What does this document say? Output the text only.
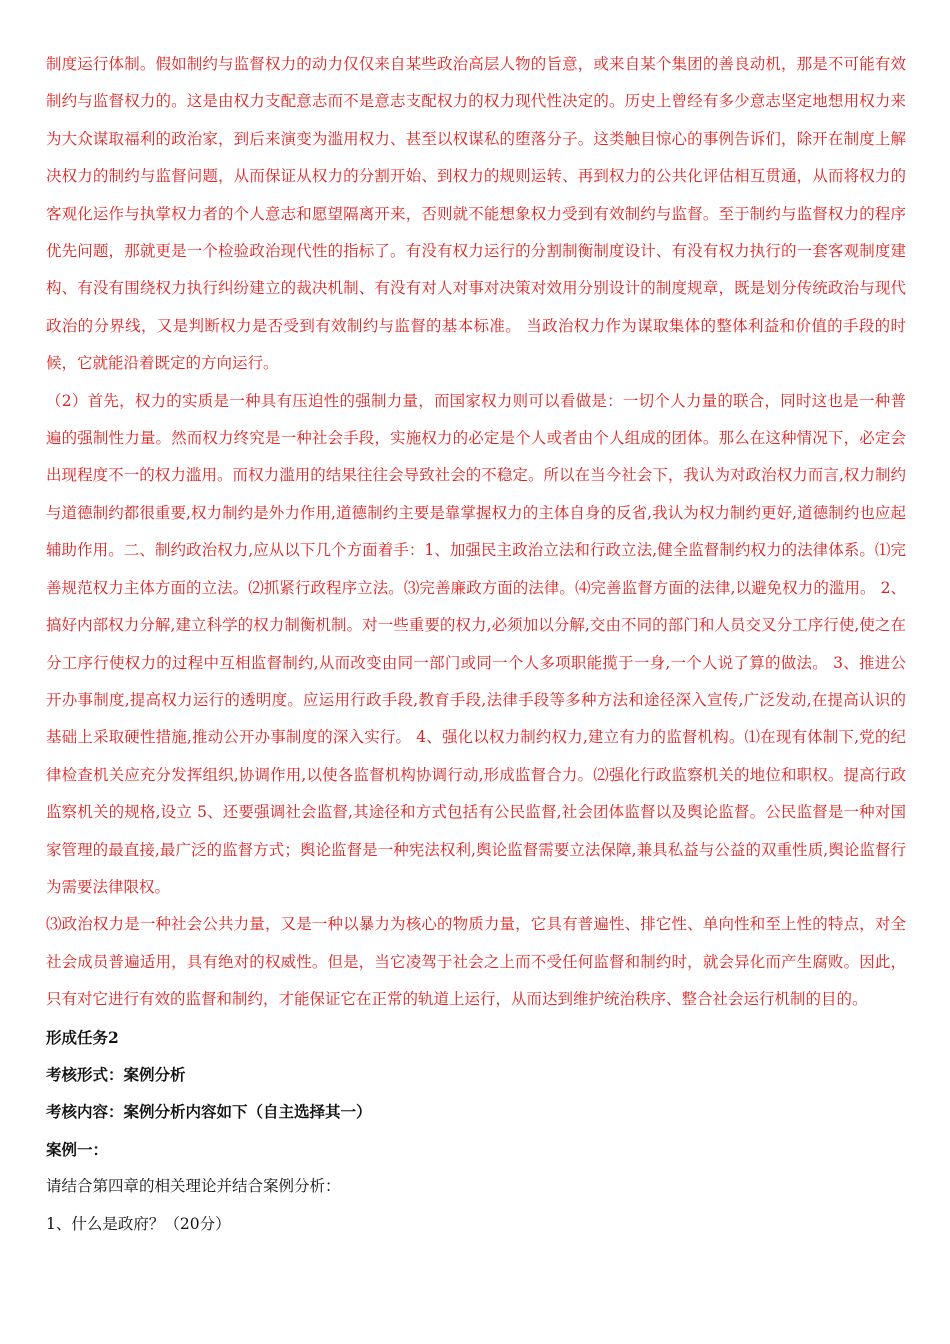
制度运行体制。假如制约与监督权力的动力仅仅来自某些政治高层人物的旨意，或来自某个集团的善良动机，那是不可能有效制约与监督权力的。这是由权力支配意志而不是意志支配权力的权力现代性决定的。历史上曾经有多少意志坚定地想用权力来为大众谋取福利的政治家，到后来演变为滥用权力、甚至以权谋私的堕落分子。这类触目惊心的事例告诉们，除开在制度上解决权力的制约与监督问题，从而保证从权力的分割开始、到权力的规则运转、再到权力的公共化评估相互贯通，从而将权力的客观化运作与执掌权力者的个人意志和愿望隔离开来，否则就不能想象权力受到有效制约与监督。至于制约与监督权力的程序优先问题，那就更是一个检验政治现代性的指标了。有没有权力运行的分割制衡制度设计、有没有权力执行的一套客观制度建构、有没有围绕权力执行纠纷建立的裁决机制、有没有对人对事对决策对效用分别设计的制度规章，既是划分传统政治与现代政治的分界线，又是判断权力是否受到有效制约与监督的基本标准。 当政治权力作为谋取集体的整体利益和价值的手段的时候，它就能沿着既定的方向运行。

（2）首先，权力的实质是一种具有压迫性的强制力量，而国家权力则可以看做是：一切个人力量的联合，同时这也是一种普遍的强制性力量。然而权力终究是一种社会手段，实施权力的必定是个人或者由个人组成的团体。那么在这种情况下，必定会出现程度不一的权力滥用。而权力滥用的结果往往会导致社会的不稳定。所以在当今社会下，我认为对政治权力而言,权力制约与道德制约都很重要,权力制约是外力作用,道德制约主要是靠掌握权力的主体自身的反省,我认为权力制约更好,道德制约也应起辅助作用。二、制约政治权力,应从以下几个方面着手：1、加强民主政治立法和行政立法,健全监督制约权力的法律体系。⑴完善规范权力主体方面的立法。⑵抓紧行政程序立法。⑶完善廉政方面的法律。⑷完善监督方面的法律,以避免权力的滥用。 2、搞好内部权力分解,建立科学的权力制衡机制。对一些重要的权力,必须加以分解,交由不同的部门和人员交叉分工序行使,使之在分工序行使权力的过程中互相监督制约,从而改变由同一部门或同一个人多项职能揽于一身,一个人说了算的做法。 3、推进公开办事制度,提高权力运行的透明度。应运用行政手段,教育手段,法律手段等多种方法和途径深入宣传,广泛发动,在提高认识的基础上采取硬性措施,推动公开办事制度的深入实行。 4、强化以权力制约权力,建立有力的监督机构。⑴在现有体制下,党的纪律检查机关应充分发挥组织,协调作用,以使各监督机构协调行动,形成监督合力。⑵强化行政监察机关的地位和职权。提高行政监察机关的规格,设立 5、还要强调社会监督,其途径和方式包括有公民监督,社会团体监督以及舆论监督。公民监督是一种对国家管理的最直接,最广泛的监督方式；舆论监督是一种宪法权利,舆论监督需要立法保障,兼具私益与公益的双重性质,舆论监督行为需要法律限权。

⑶政治权力是一种社会公共力量，又是一种以暴力为核心的物质力量，它具有普遍性、排它性、单向性和至上性的特点，对全社会成员普遍适用，具有绝对的权威性。但是，当它凌驾于社会之上而不受任何监督和制约时，就会异化而产生腐败。因此，只有对它进行有效的监督和制约，才能保证它在正常的轨道上运行，从而达到维护统治秩序、整合社会运行机制的目的。

形成任务2

考核形式：案例分析

考核内容：案例分析内容如下（自主选择其一）

案例一：

请结合第四章的相关理论并结合案例分析：

1、什么是政府？（20分）
